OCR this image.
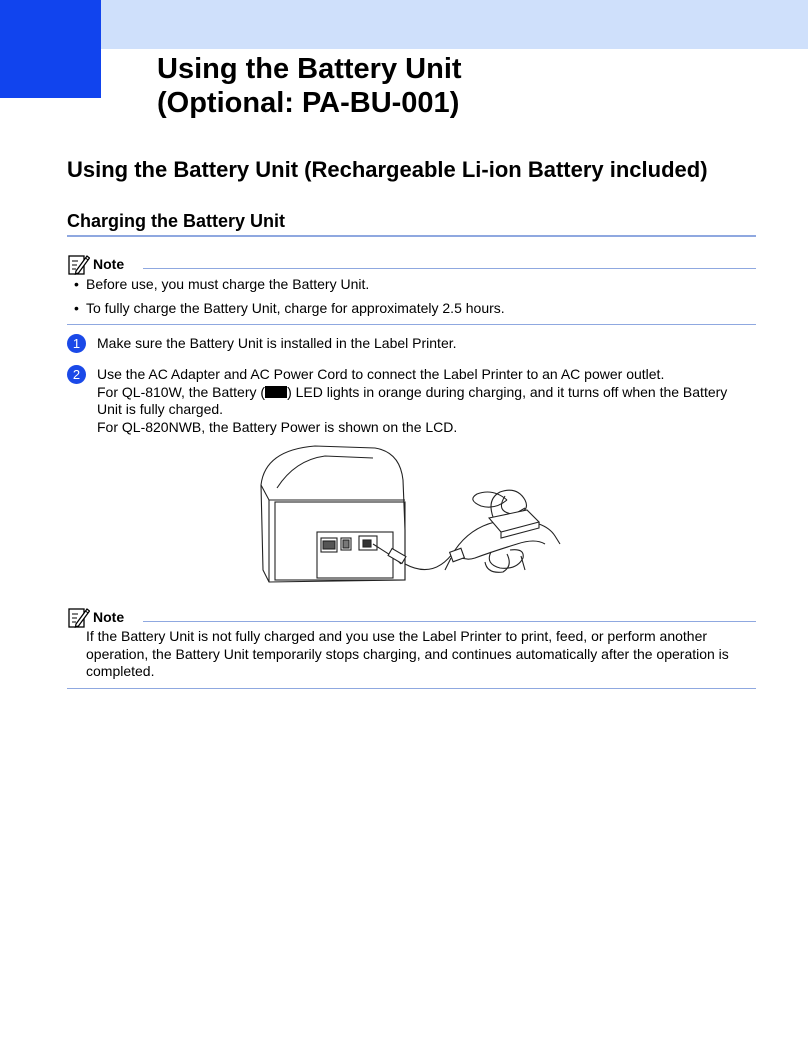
Using the Battery Unit
(Optional: PA-BU-001)
Using the Battery Unit (Rechargeable Li-ion Battery included)
Charging the Battery Unit
Note
• Before use, you must charge the Battery Unit.
• To fully charge the Battery Unit, charge for approximately 2.5 hours.
1	Make sure the Battery Unit is installed in the Label Printer.
2	Use the AC Adapter and AC Power Cord to connect the Label Printer to an AC power outlet.
For QL-810W, the Battery ( ) LED lights in orange during charging, and it turns off when the Battery
Unit is fully charged.
For QL-820NWB, the Battery Power is shown on the LCD.
Note
If the Battery Unit is not fully charged and you use the Label Printer to print, feed, or perform another operation, the Battery Unit temporarily stops charging, and continues automatically after the operation is completed.
